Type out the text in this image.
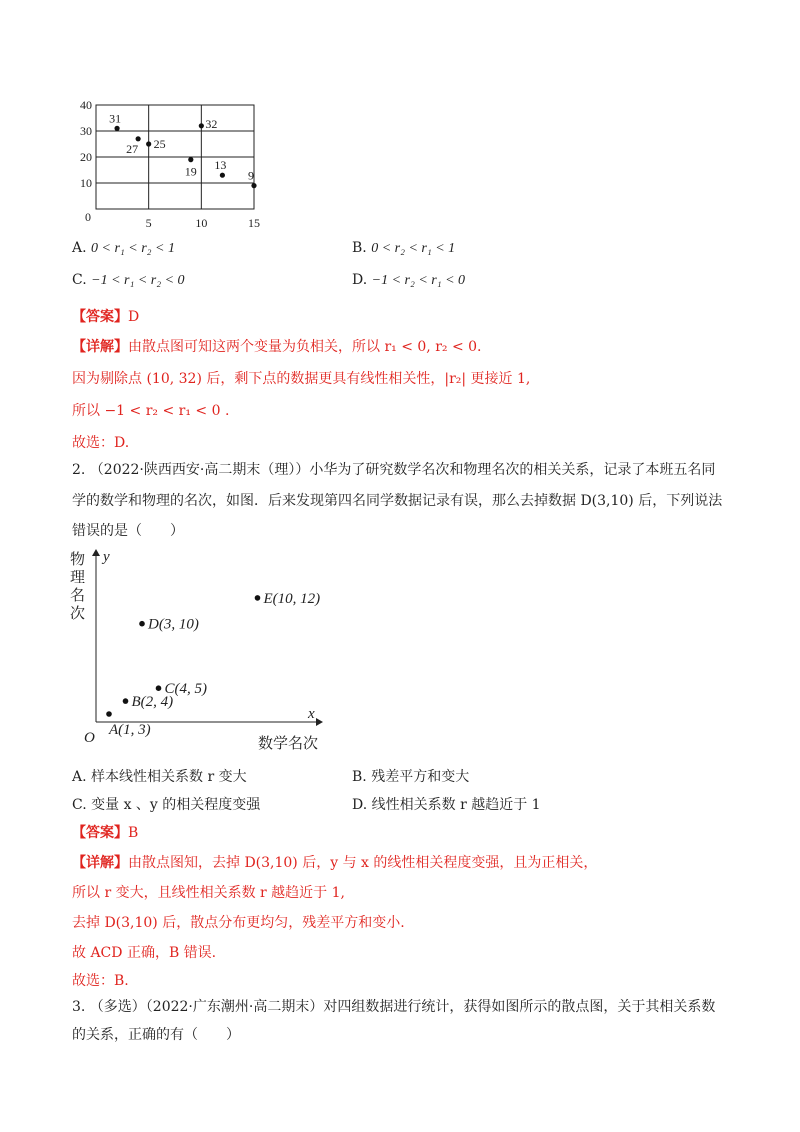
10
20
30
40
5	10	15
0
31
27 25
32
19 13
9
A. 0 < r₁ < r₂ < 1	B. 0 < r₂ < r₁ < 1
C. −1 < r₁ < r₂ < 0	D. −1 < r₂ < r₁ < 0
【答案】D
【详解】由散点图可知这两个变量为负相关，所以 r₁ < 0, r₂ < 0.
因为剔除点 (10, 32) 后，剩下点的数据更具有线性相关性，|r₂| 更接近 1,
所以 −1 < r₂ < r₁ < 0 .
故选：D.
2. （2022·陕西西安·高二期末（理））小华为了研究数学名次和物理名次的相关关系，记录了本班五名同
学的数学和物理的名次，如图．后来发现第四名同学数据记录有误，那么去掉数据 D(3,10) 后，下列说法
错误的是（　　）
y
x
O	数学名次
物理名次
A(1, 3)
B(2, 4)
C(4, 5)
D(3, 10)
E(10, 12)
A. 样本线性相关系数 r 变大	B. 残差平方和变大
C. 变量 x 、y 的相关程度变强	D. 线性相关系数 r 越趋近于 1
【答案】B
【详解】由散点图知，去掉 D(3,10) 后，y 与 x 的线性相关程度变强，且为正相关，
所以 r 变大，且线性相关系数 r 越趋近于 1,
去掉 D(3,10) 后，散点分布更均匀，残差平方和变小.
故 ACD 正确，B 错误.
故选：B.
3. （多选）（2022·广东潮州·高二期末）对四组数据进行统计，获得如图所示的散点图，关于其相关系数
的关系，正确的有（　　）
